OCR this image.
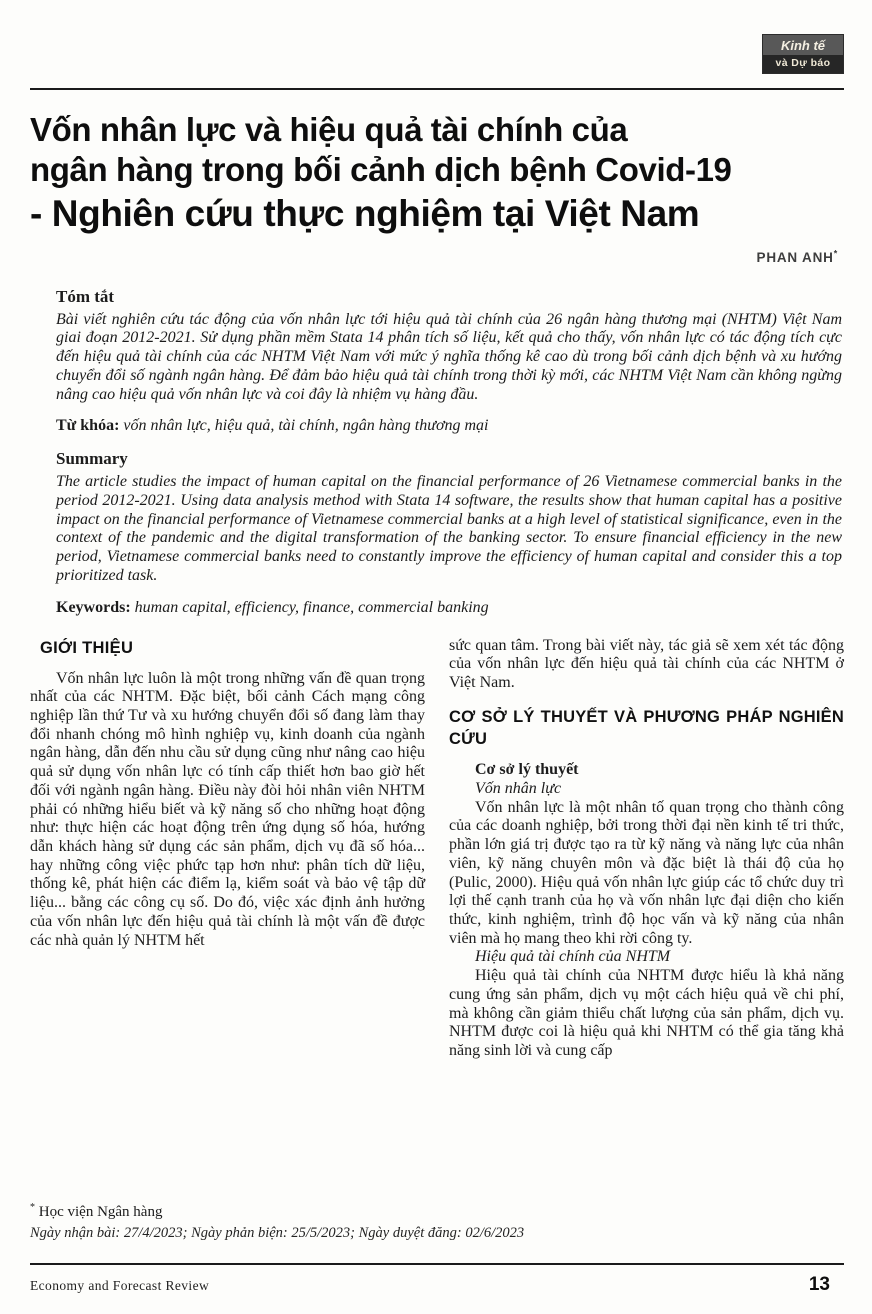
Kinh tế
và Dự báo
Vốn nhân lực và hiệu quả tài chính của
ngân hàng trong bối cảnh dịch bệnh Covid-19
- Nghiên cứu thực nghiệm tại Việt Nam
PHAN ANH*
Tóm tắt

Bài viết nghiên cứu tác động của vốn nhân lực tới hiệu quả tài chính của 26 ngân hàng thương mại (NHTM) Việt Nam giai đoạn 2012-2021. Sử dụng phần mềm Stata 14 phân tích số liệu, kết quả cho thấy, vốn nhân lực có tác động tích cực đến hiệu quả tài chính của các NHTM Việt Nam với mức ý nghĩa thống kê cao dù trong bối cảnh dịch bệnh và xu hướng chuyển đổi số ngành ngân hàng. Để đảm bảo hiệu quả tài chính trong thời kỳ mới, các NHTM Việt Nam cần không ngừng nâng cao hiệu quả vốn nhân lực và coi đây là nhiệm vụ hàng đầu.

Từ khóa: vốn nhân lực, hiệu quả, tài chính, ngân hàng thương mại

Summary

The article studies the impact of human capital on the financial performance of 26 Vietnamese commercial banks in the period 2012-2021. Using data analysis method with Stata 14 software, the results show that human capital has a positive impact on the financial performance of Vietnamese commercial banks at a high level of statistical significance, even in the context of the pandemic and the digital transformation of the banking sector. To ensure financial efficiency in the new period, Vietnamese commercial banks need to constantly improve the efficiency of human capital and consider this a top prioritized task.

Keywords: human capital, efficiency, finance, commercial banking

GIỚI THIỆU

Vốn nhân lực luôn là một trong những vấn đề quan trọng nhất của các NHTM. Đặc biệt, bối cảnh Cách mạng công nghiệp lần thứ Tư và xu hướng chuyển đổi số đang làm thay đổi nhanh chóng mô hình nghiệp vụ, kinh doanh của ngành ngân hàng, dẫn đến nhu cầu sử dụng cũng như nâng cao hiệu quả sử dụng vốn nhân lực có tính cấp thiết hơn bao giờ hết đối với ngành ngân hàng. Điều này đòi hỏi nhân viên NHTM phải có những hiểu biết và kỹ năng số cho những hoạt động như: thực hiện các hoạt động trên ứng dụng số hóa, hướng dẫn khách hàng sử dụng các sản phẩm, dịch vụ đã số hóa... hay những công việc phức tạp hơn như: phân tích dữ liệu, thống kê, phát hiện các điểm lạ, kiểm soát và bảo vệ tập dữ liệu... bằng các công cụ số. Do đó, việc xác định ảnh hưởng của vốn nhân lực đến hiệu quả tài chính là một vấn đề được các nhà quản lý NHTM hết

sức quan tâm. Trong bài viết này, tác giả sẽ xem xét tác động của vốn nhân lực đến hiệu quả tài chính của các NHTM ở Việt Nam.

CƠ SỞ LÝ THUYẾT VÀ PHƯƠNG PHÁP NGHIÊN CỨU

Cơ sở lý thuyết

Vốn nhân lực

Vốn nhân lực là một nhân tố quan trọng cho thành công của các doanh nghiệp, bởi trong thời đại nền kinh tế tri thức, phần lớn giá trị được tạo ra từ kỹ năng và năng lực của nhân viên, kỹ năng chuyên môn và đặc biệt là thái độ của họ (Pulic, 2000). Hiệu quả vốn nhân lực giúp các tổ chức duy trì lợi thế cạnh tranh của họ và vốn nhân lực đại diện cho kiến thức, kinh nghiệm, trình độ học vấn và kỹ năng của nhân viên mà họ mang theo khi rời công ty.

Hiệu quả tài chính của NHTM

Hiệu quả tài chính của NHTM được hiểu là khả năng cung ứng sản phẩm, dịch vụ một cách hiệu quả về chi phí, mà không cần giảm thiểu chất lượng của sản phẩm, dịch vụ. NHTM được coi là hiệu quả khi NHTM có thể gia tăng khả năng sinh lời và cung cấp

* Học viện Ngân hàng

Ngày nhận bài: 27/4/2023; Ngày phản biện: 25/5/2023; Ngày duyệt đăng: 02/6/2023

Economy and Forecast Review	13
